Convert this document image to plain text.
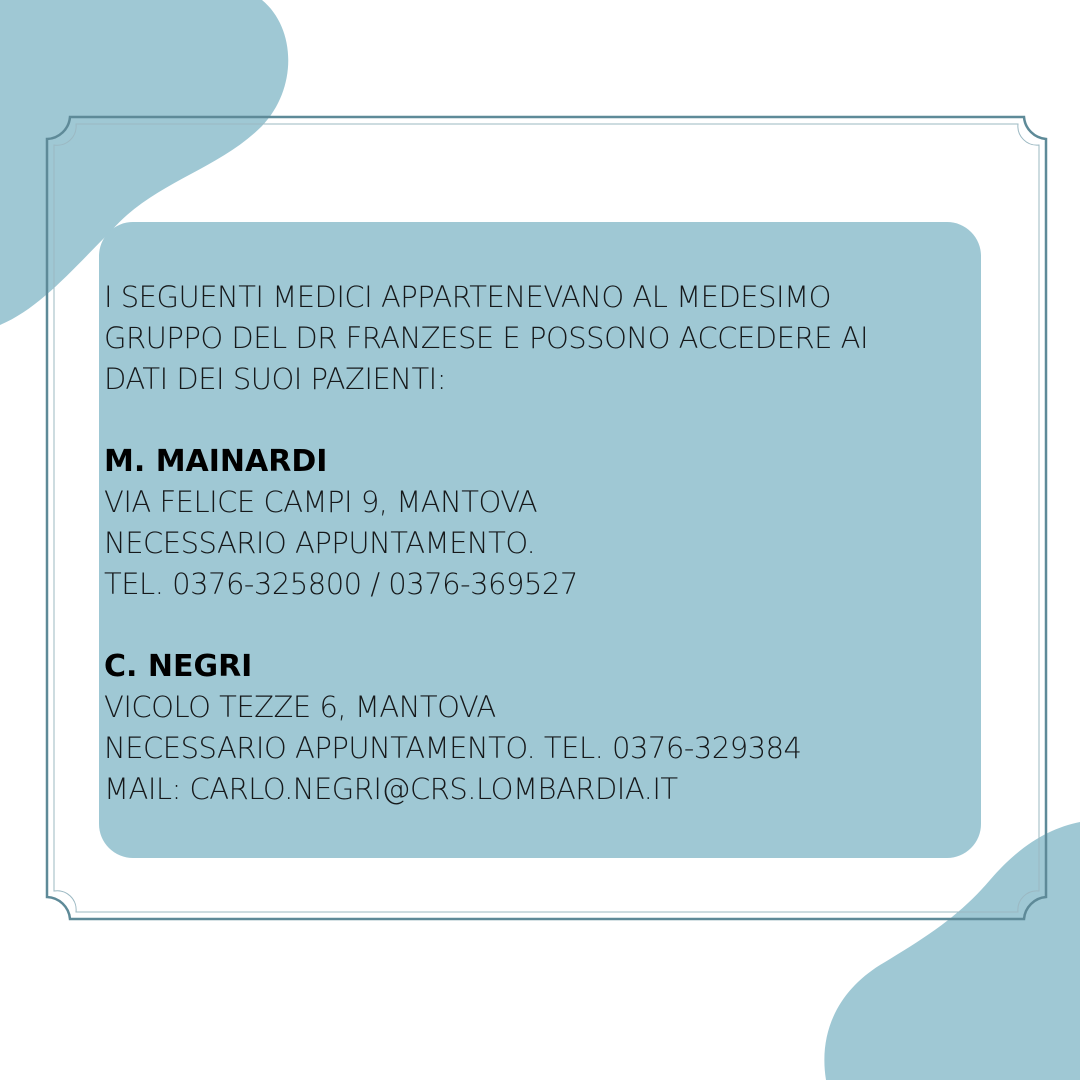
I SEGUENTI MEDICI APPARTENEVANO AL MEDESIMO
GRUPPO DEL DR FRANZESE E POSSONO ACCEDERE AI
DATI DEI SUOI PAZIENTI:
M. MAINARDI
VIA FELICE CAMPI 9, MANTOVA
NECESSARIO APPUNTAMENTO.
TEL. 0376-325800 / 0376-369527
C. NEGRI
VICOLO TEZZE 6, MANTOVA
NECESSARIO APPUNTAMENTO. TEL. 0376-329384
MAIL: CARLO.NEGRI@CRS.LOMBARDIA.IT
